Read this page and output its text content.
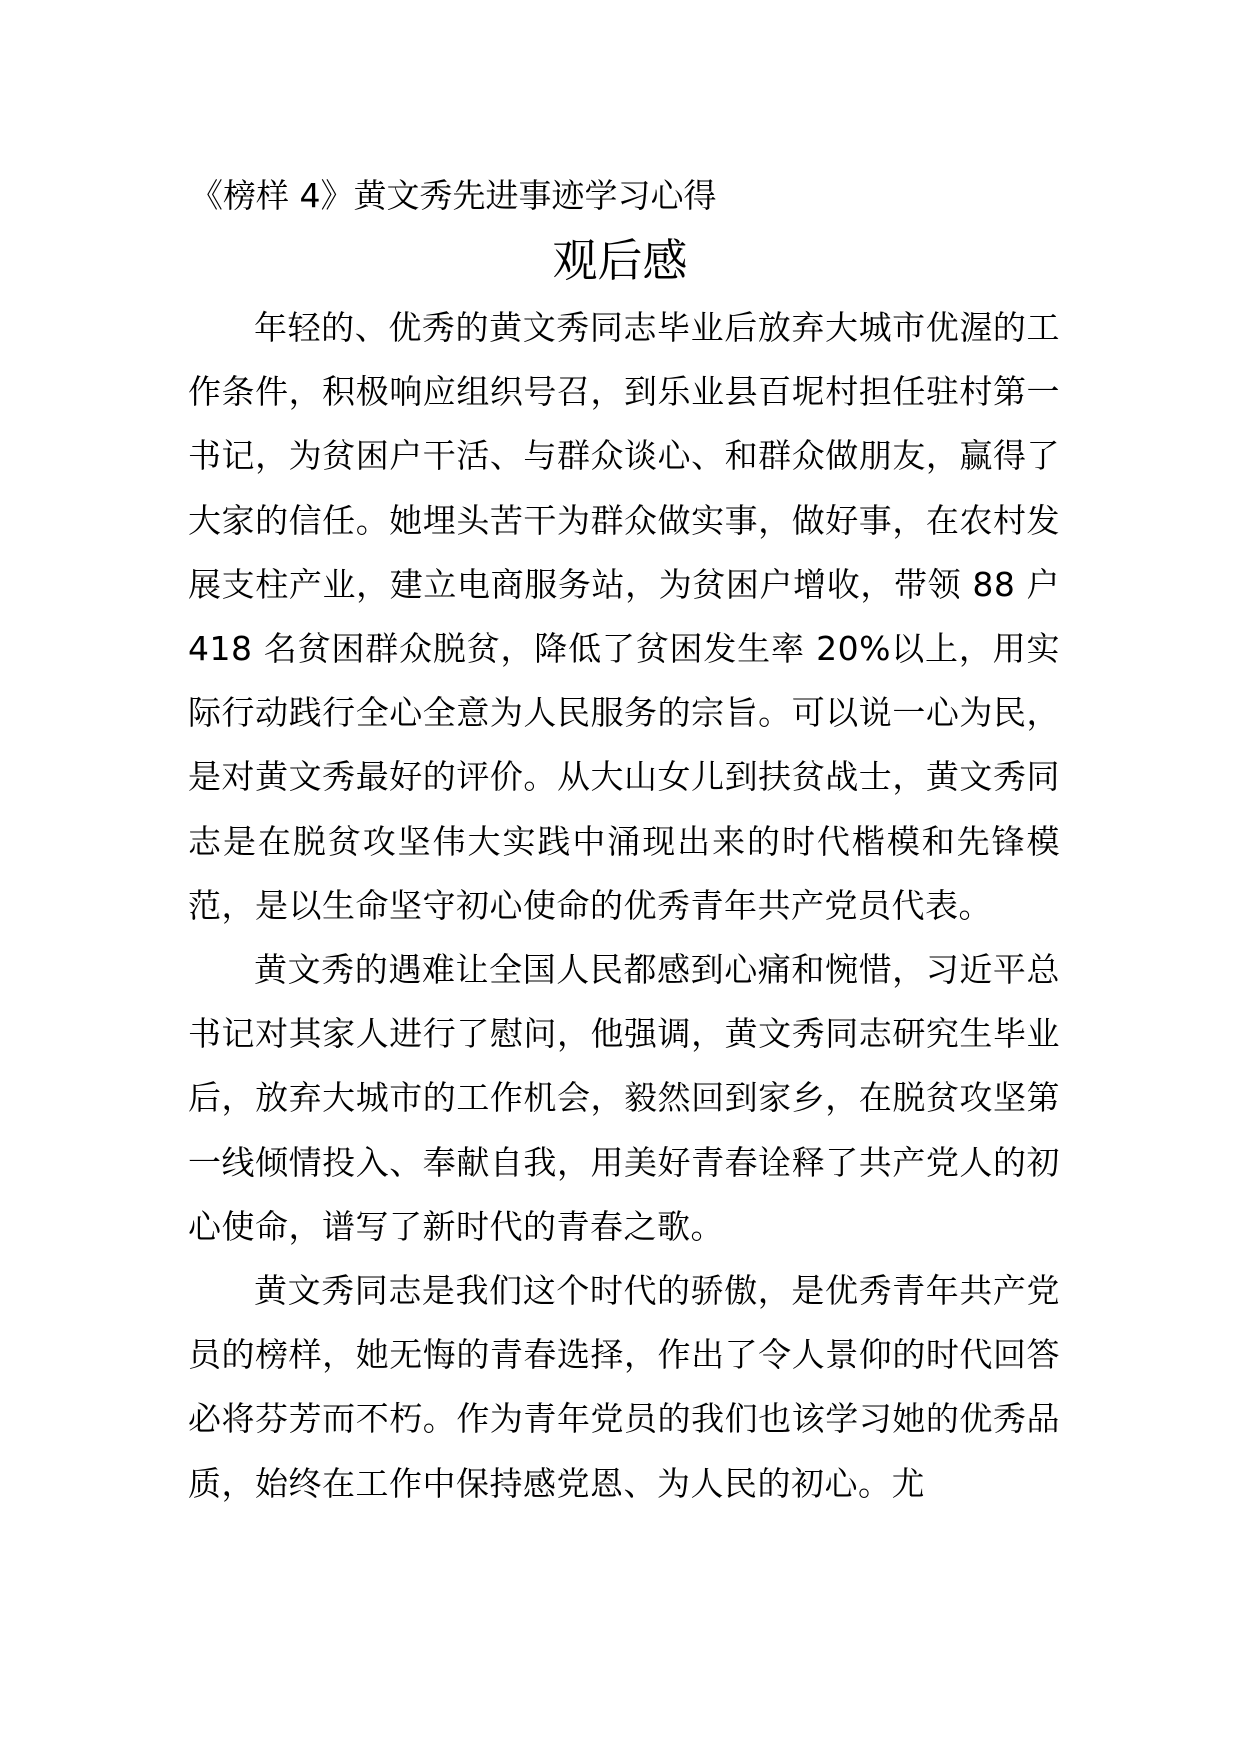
《榜样 4》黄文秀先进事迹学习心得
观后感

年轻的、优秀的黄文秀同志毕业后放弃大城市优渥的工作条件，积极响应组织号召，到乐业县百坭村担任驻村第一书记，为贫困户干活、与群众谈心、和群众做朋友，赢得了大家的信任。她埋头苦干为群众做实事，做好事，在农村发展支柱产业，建立电商服务站，为贫困户增收，带领 88 户 418 名贫困群众脱贫，降低了贫困发生率 20%以上，用实际行动践行全心全意为人民服务的宗旨。可以说一心为民，是对黄文秀最好的评价。从大山女儿到扶贫战士，黄文秀同志是在脱贫攻坚伟大实践中涌现出来的时代楷模和先锋模范，是以生命坚守初心使命的优秀青年共产党员代表。

黄文秀的遇难让全国人民都感到心痛和惋惜，习近平总书记对其家人进行了慰问，他强调，黄文秀同志研究生毕业后，放弃大城市的工作机会，毅然回到家乡，在脱贫攻坚第一线倾情投入、奉献自我，用美好青春诠释了共产党人的初心使命，谱写了新时代的青春之歌。

黄文秀同志是我们这个时代的骄傲，是优秀青年共产党员的榜样，她无悔的青春选择，作出了令人景仰的时代回答必将芬芳而不朽。作为青年党员的我们也该学习她的优秀品质，始终在工作中保持感党恩、为人民的初心。尤
